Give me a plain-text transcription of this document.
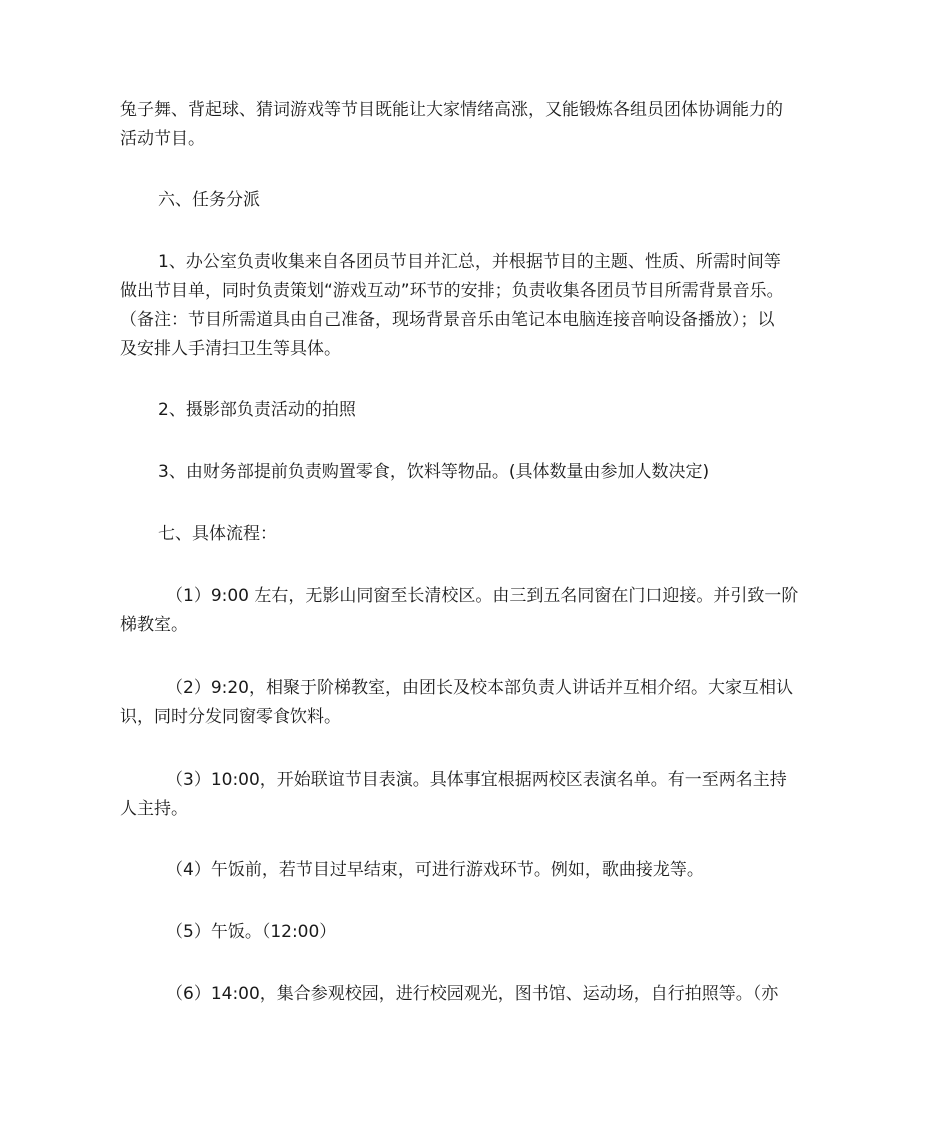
兔子舞、背起球、猜词游戏等节目既能让大家情绪高涨，又能锻炼各组员团体协调能力的
活动节目。

六、任务分派

1、办公室负责收集来自各团员节目并汇总，并根据节目的主题、性质、所需时间等
做出节目单，同时负责策划“游戏互动”环节的安排；负责收集各团员节目所需背景音乐。
（备注：节目所需道具由自己准备，现场背景音乐由笔记本电脑连接音响设备播放）；以
及安排人手清扫卫生等具体。

2、摄影部负责活动的拍照

3、由财务部提前负责购置零食，饮料等物品。(具体数量由参加人数决定)

七、具体流程：

（1）9:00 左右，无影山同窗至长清校区。由三到五名同窗在门口迎接。并引致一阶
梯教室。

（2）9:20，相聚于阶梯教室，由团长及校本部负责人讲话并互相介绍。大家互相认
识，同时分发同窗零食饮料。

（3）10:00，开始联谊节目表演。具体事宜根据两校区表演名单。有一至两名主持
人主持。

（4）午饭前，若节目过早结束，可进行游戏环节。例如，歌曲接龙等。

（5）午饭。（12:00）

（6）14:00，集合参观校园，进行校园观光，图书馆、运动场，自行拍照等。（亦
